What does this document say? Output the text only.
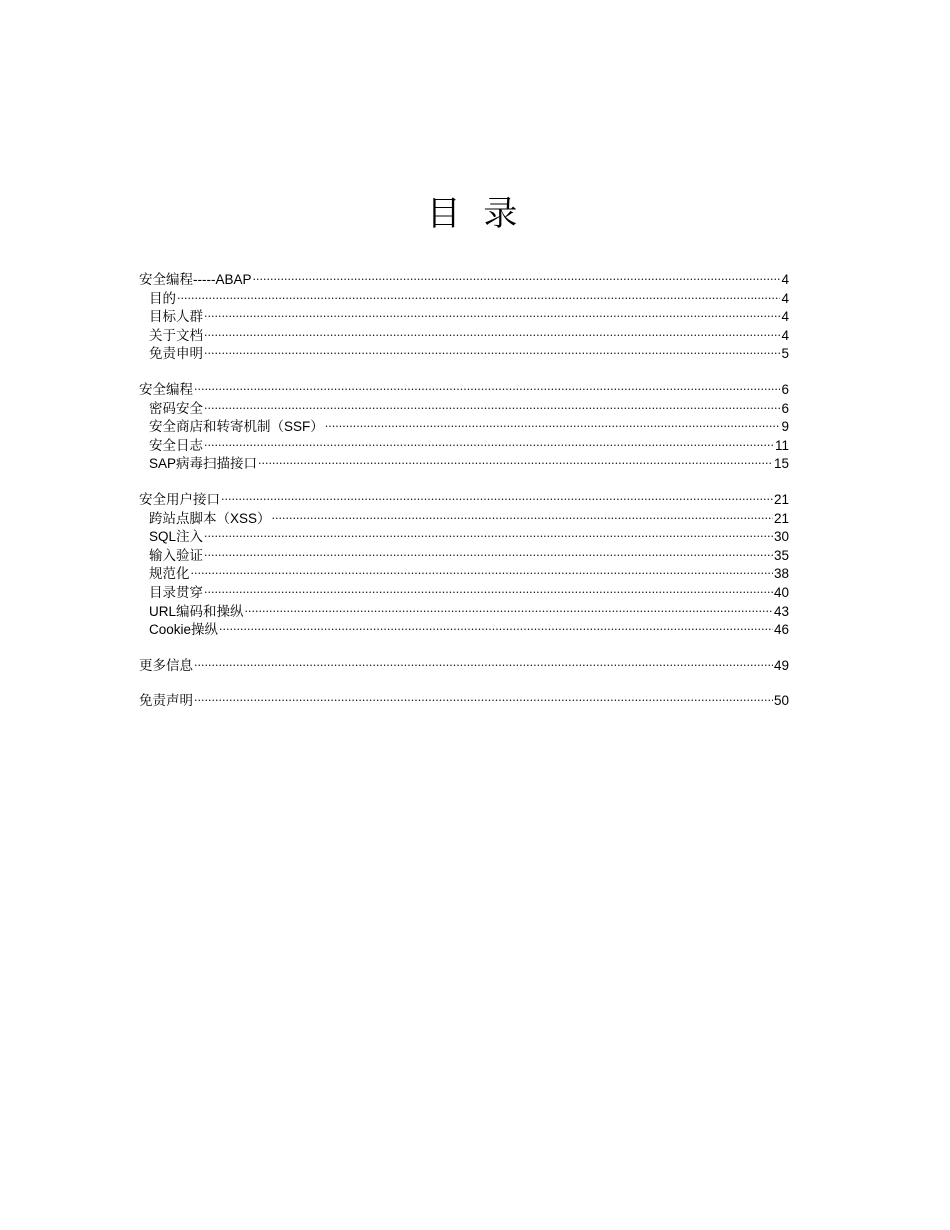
目 录
安全编程-----ABAP ·····	4
目的 ·····	4
目标人群 ·····	4
关于文档 ·····	4
免责申明 ·····	5
安全编程 ·····	6
密码安全 ·····	6
安全商店和转寄机制（SSF） ·····	9
安全日志 ·····	11
SAP病毒扫描接口 ·····	15
安全用户接口 ·····	21
跨站点脚本（XSS） ·····	21
SQL注入 ·····	30
输入验证 ·····	35
规范化 ·····	38
目录贯穿 ·····	40
URL编码和操纵 ·····	43
Cookie操纵 ·····	46
更多信息 ·····	49
免责声明 ·····	50
